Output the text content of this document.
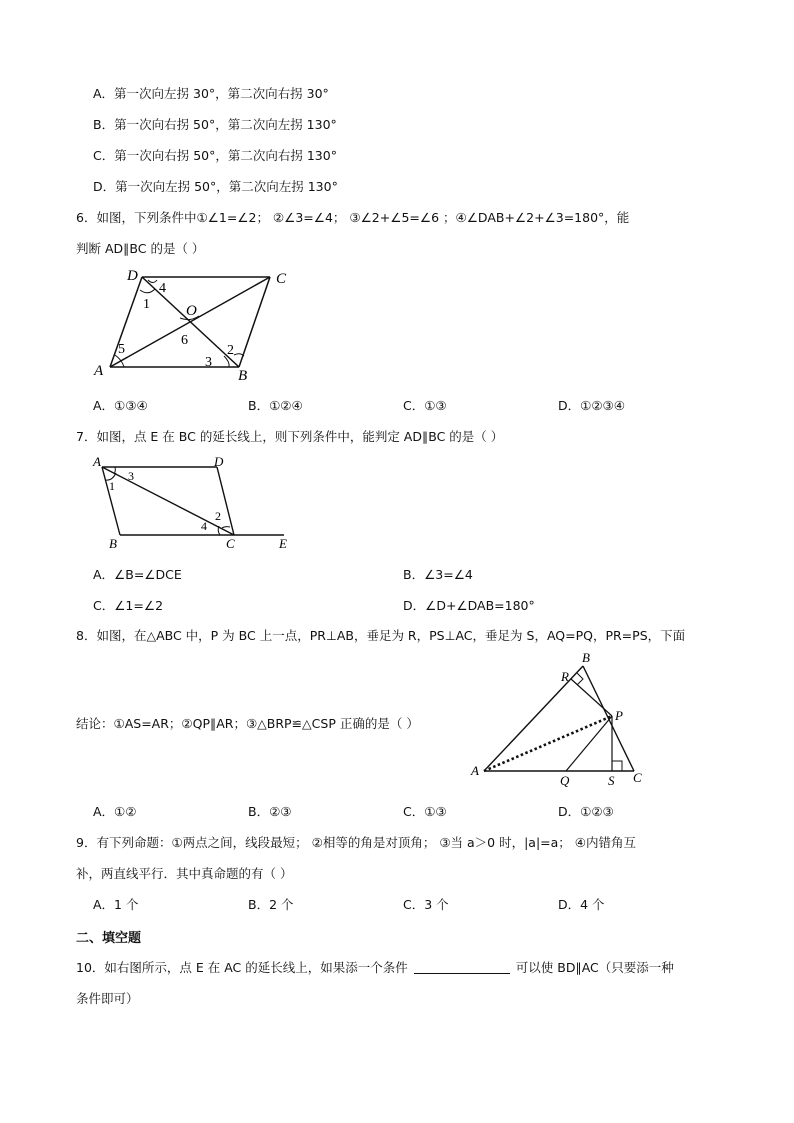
A．第一次向左拐 30°，第二次向右拐 30°
B．第一次向右拐 50°，第二次向左拐 130°
C．第一次向右拐 50°，第二次向右拐 130°
D．第一次向左拐 50°，第二次向左拐 130°
6．如图，下列条件中①∠1=∠2； ②∠3=∠4； ③∠2+∠5=∠6 ；④∠DAB+∠2+∠3=180°，能
判断 AD∥BC 的是（ ）
D	C
A	B
O
1
4
5
6
3
2
A．①③④	B．①②④	C．①③	D．①②③④
7．如图，点 E 在 BC 的延长线上，则下列条件中，能判定 AD∥BC 的是（ ）
A	D
B	C	E
1
3
2
4
A．∠B=∠DCE	B．∠3=∠4
C．∠1=∠2	D．∠D+∠DAB=180°
8．如图，在△ABC 中，P 为 BC 上一点，PR⊥AB，垂足为 R，PS⊥AC，垂足为 S，AQ=PQ，PR=PS，下面
结论：①AS=AR；②QP∥AR；③△BRP≌△CSP 正确的是（ ）
B
R
P
A
Q	S C
A．①②	B．②③	C．①③	D．①②③
9．有下列命题：①两点之间，线段最短； ②相等的角是对顶角； ③当 a＞0 时，|a|=a； ④内错角互
补，两直线平行．其中真命题的有（ ）
A．1 个	B．2 个	C．3 个	D．4 个
二、填空题
10．如右图所示，点 E 在 AC 的延长线上，如果添一个条件	可以使 BD∥AC（只要添一种
条件即可）
